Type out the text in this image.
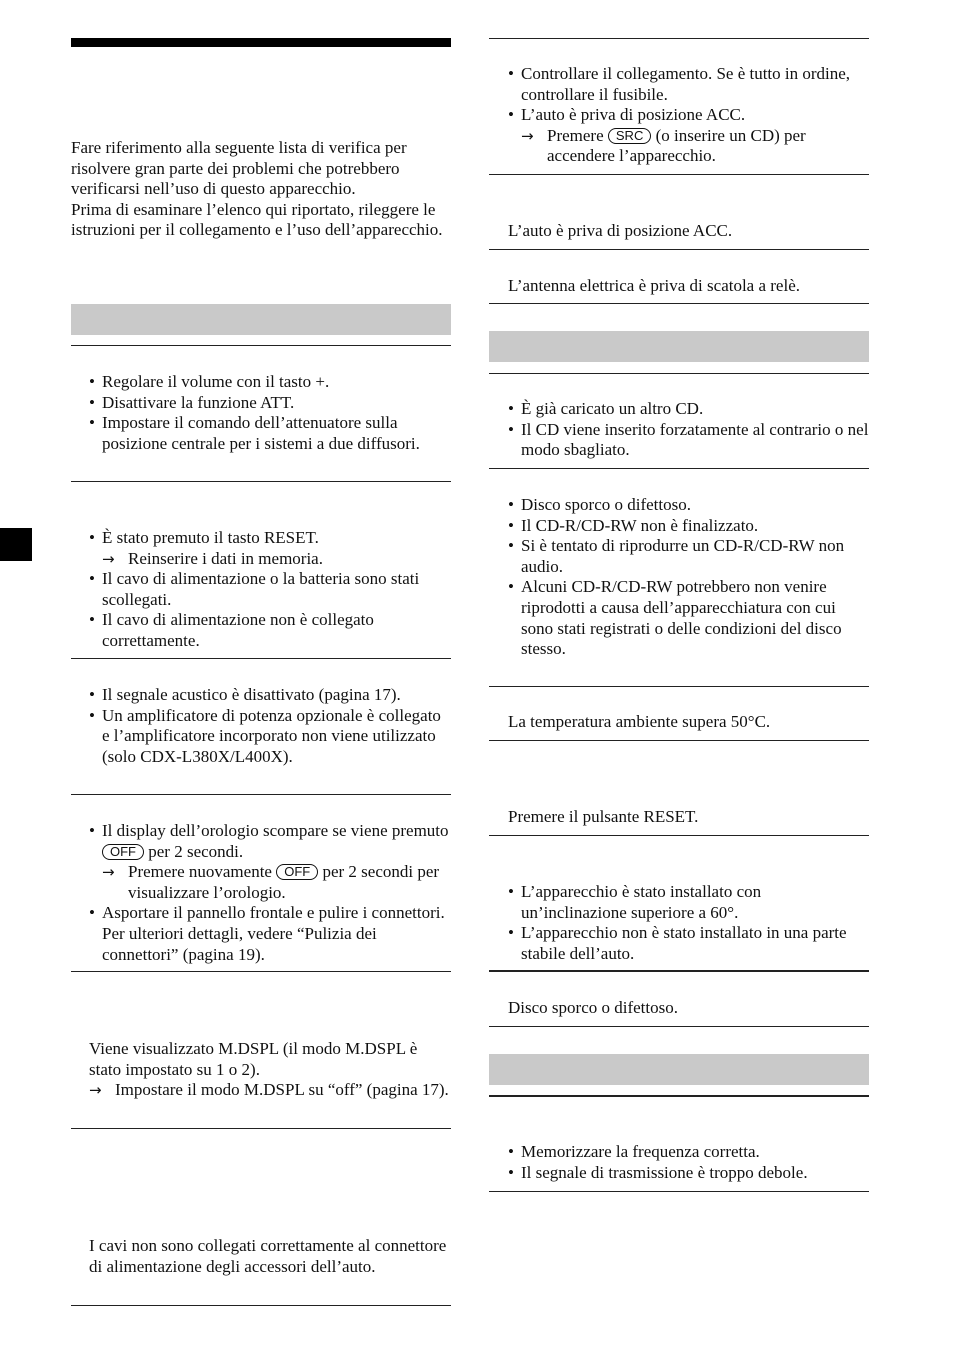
Fare riferimento alla seguente lista di verifica per risolvere gran parte dei problemi che potrebbero verificarsi nell’uso di questo apparecchio.

Prima di esaminare l’elenco qui riportato, rileggere le istruzioni per il collegamento e l’uso dell’apparecchio.

• Regolare il volume con il tasto +.
• Disattivare la funzione ATT.
• Impostare il comando dell’attenuatore sulla posizione centrale per i sistemi a due diffusori.
• È stato premuto il tasto RESET.
→ Reinserire i dati in memoria.
• Il cavo di alimentazione o la batteria sono stati scollegati.
• Il cavo di alimentazione non è collegato correttamente.
• Il segnale acustico è disattivato (pagina 17).
• Un amplificatore di potenza opzionale è collegato e l’amplificatore incorporato non viene utilizzato (solo CDX-L380X/L400X).
• Il display dell’orologio scompare se viene premuto OFF per 2 secondi.
→ Premere nuovamente OFF per 2 secondi per visualizzare l’orologio.
• Asportare il pannello frontale e pulire i connettori. Per ulteriori dettagli, vedere “Pulizia dei connettori” (pagina 19).

Viene visualizzato M.DSPL (il modo M.DSPL è stato impostato su 1 o 2).

→ Impostare il modo M.DSPL su “off” (pagina 17).

I cavi non sono collegati correttamente al connettore di alimentazione degli accessori dell’auto.

• Controllare il collegamento. Se è tutto in ordine, controllare il fusibile.
• L’auto è priva di posizione ACC.
→ Premere SRC (o inserire un CD) per accendere l’apparecchio.

L’auto è priva di posizione ACC.

L’antenna elettrica è priva di scatola a relè.

• È già caricato un altro CD.
• Il CD viene inserito forzatamente al contrario o nel modo sbagliato.
• Disco sporco o difettoso.
• Il CD-R/CD-RW non è finalizzato.
• Si è tentato di riprodurre un CD-R/CD-RW non audio.
• Alcuni CD-R/CD-RW potrebbero non venire riprodotti a causa dell’apparecchiatura con cui sono stati registrati o delle condizioni del disco stesso.

La temperatura ambiente supera 50°C.

Premere il pulsante RESET.

• L’apparecchio è stato installato con un’inclinazione superiore a 60°.
• L’apparecchio non è stato installato in una parte stabile dell’auto.

Disco sporco o difettoso.

• Memorizzare la frequenza corretta.
• Il segnale di trasmissione è troppo debole.
